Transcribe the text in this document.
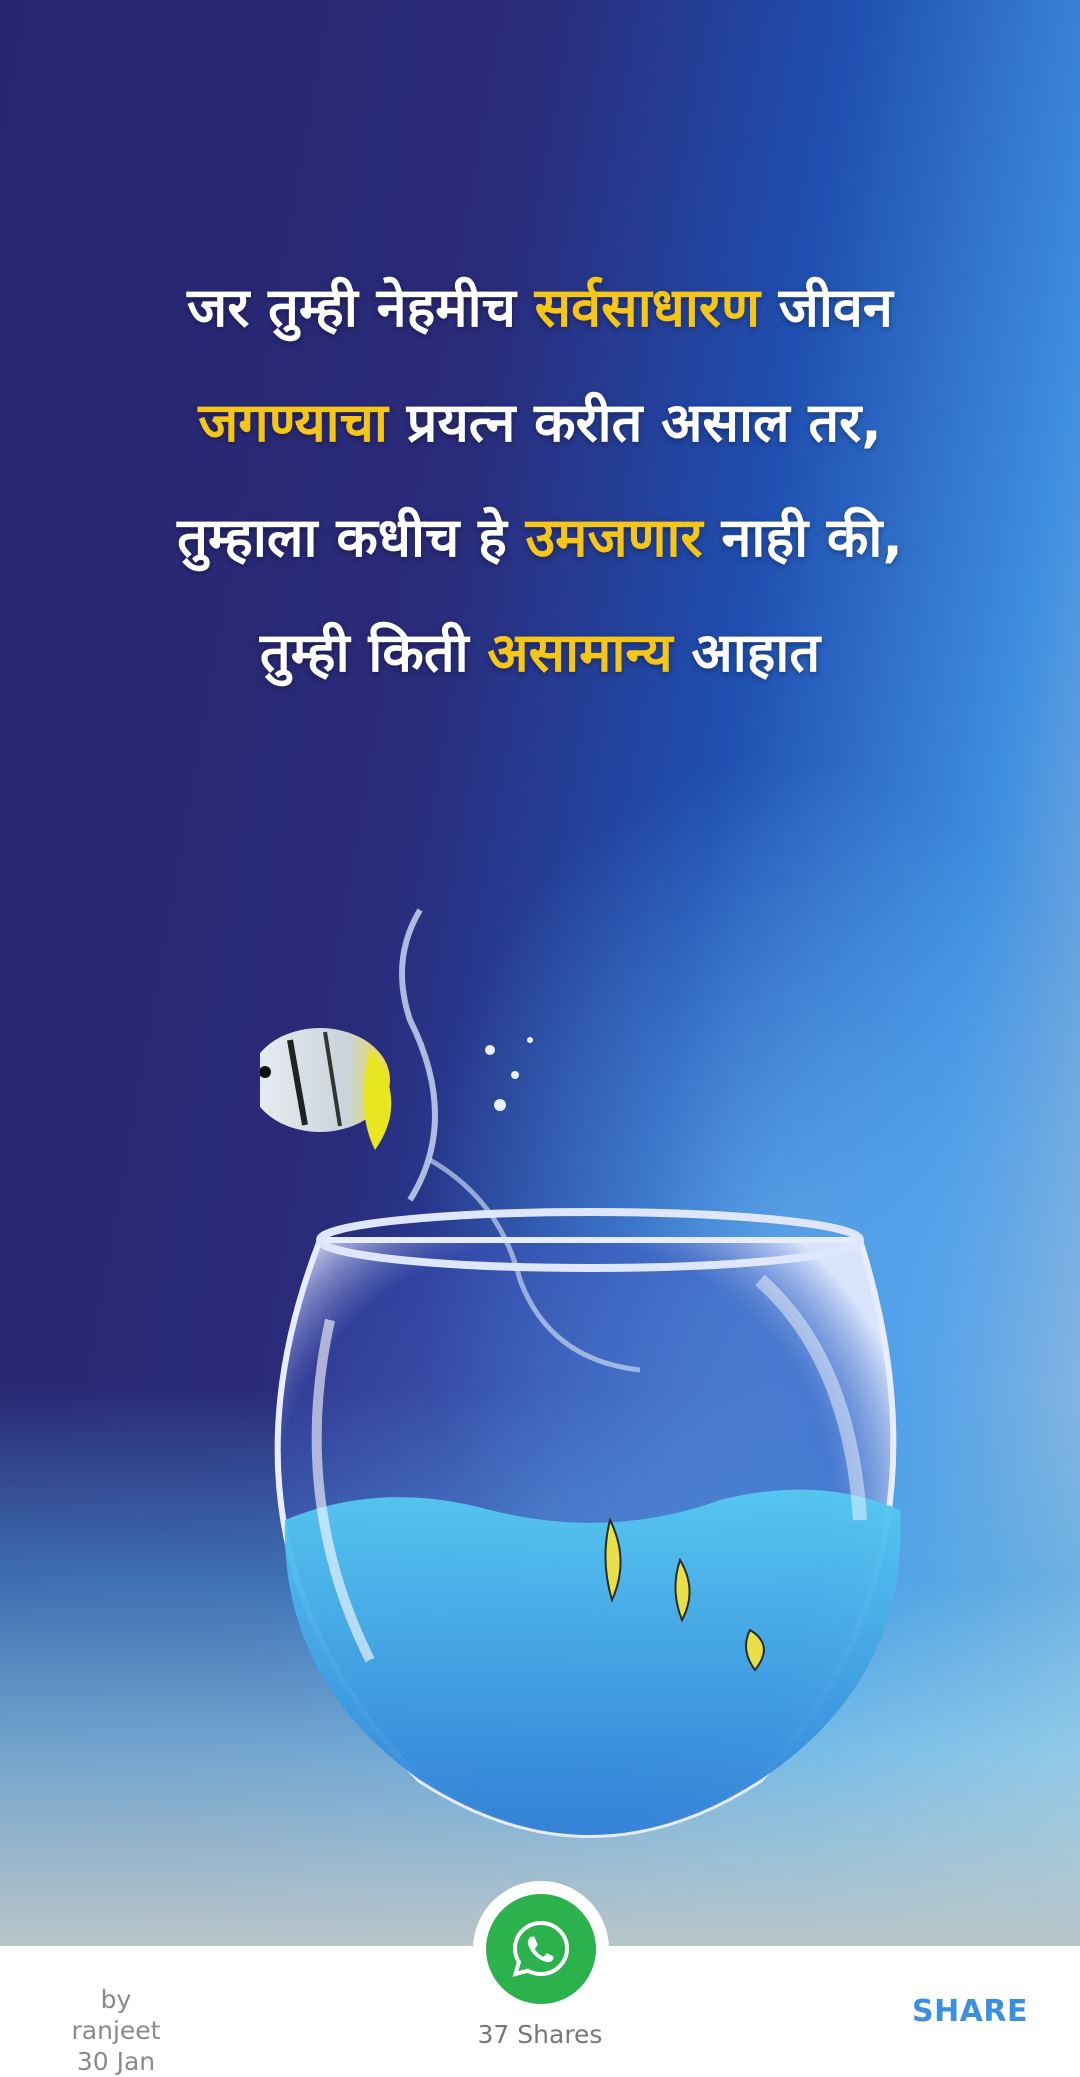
जर तुम्ही नेहमीच सर्वसाधारण जीवन
जगण्याचा प्रयत्न करीत असाल तर,
तुम्हाला कधीच हे उमजणार नाही की,
तुम्ही किती असामान्य आहात
by ranjeet
30 Jan
SHARE
37 Shares
